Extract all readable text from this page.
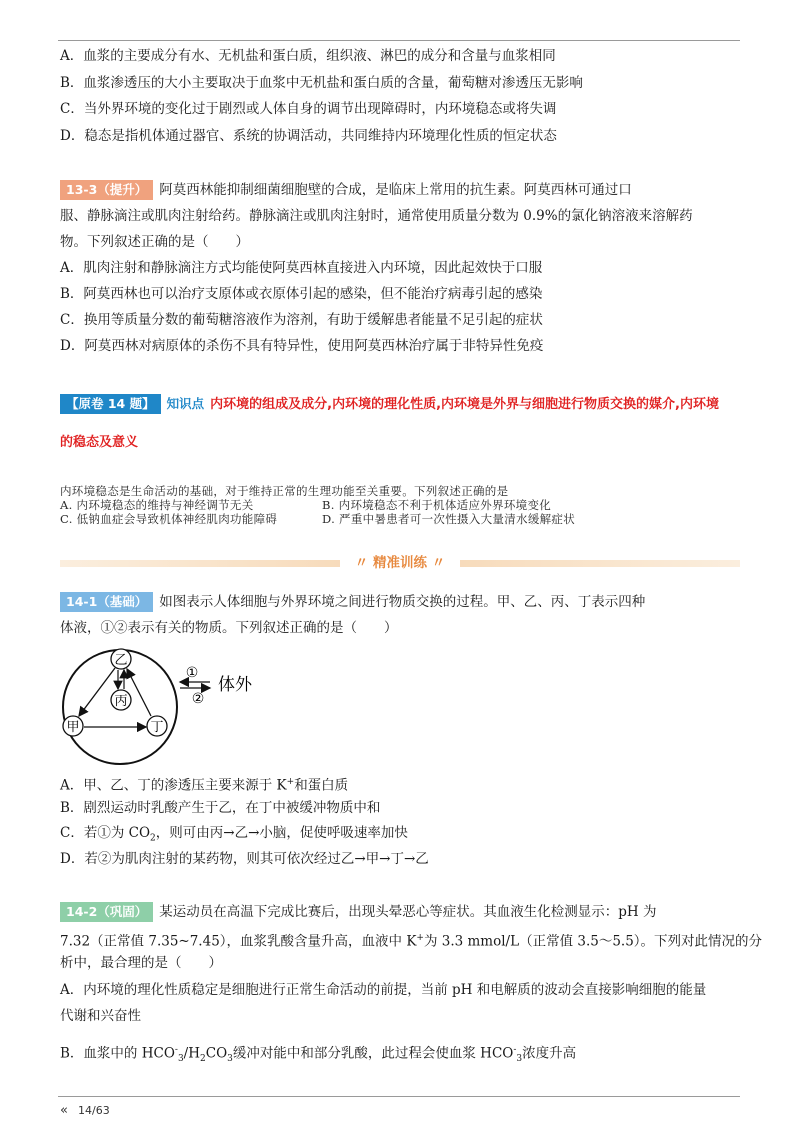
A．血浆的主要成分有水、无机盐和蛋白质，组织液、淋巴的成分和含量与血浆相同
B．血浆渗透压的大小主要取决于血浆中无机盐和蛋白质的含量，葡萄糖对渗透压无影响
C．当外界环境的变化过于剧烈或人体自身的调节出现障碍时，内环境稳态或将失调
D．稳态是指机体通过器官、系统的协调活动，共同维持内环境理化性质的恒定状态
13-3（提升） 阿莫西林能抑制细菌细胞壁的合成，是临床上常用的抗生素。阿莫西林可通过口
服、静脉滴注或肌肉注射给药。静脉滴注或肌肉注射时，通常使用质量分数为 0.9%的氯化钠溶液来溶解药
物。下列叙述正确的是（　　）
A．肌肉注射和静脉滴注方式均能使阿莫西林直接进入内环境，因此起效快于口服
B．阿莫西林也可以治疗支原体或衣原体引起的感染，但不能治疗病毒引起的感染
C．换用等质量分数的葡萄糖溶液作为溶剂，有助于缓解患者能量不足引起的症状
D．阿莫西林对病原体的杀伤不具有特异性，使用阿莫西林治疗属于非特异性免疫
【原卷 14 题】 知识点 内环境的组成及成分,内环境的理化性质,内环境是外界与细胞进行物质交换的媒介,内环境
的稳态及意义
内环境稳态是生命活动的基础，对于维持正常的生理功能至关重要。下列叙述正确的是
A. 内环境稳态的维持与神经调节无关	B. 内环境稳态不利于机体适应外界环境变化
C. 低钠血症会导致机体神经肌肉功能障碍	D. 严重中暑患者可一次性摄入大量清水缓解症状
〃 精准训练 〃
14-1（基础） 如图表示人体细胞与外界环境之间进行物质交换的过程。甲、乙、丙、丁表示四种
体液，①②表示有关的物质。下列叙述正确的是（　　）
乙
丙
甲	丁
①
②
体外
A．甲、乙、丁的渗透压主要来源于 K+和蛋白质
B．剧烈运动时乳酸产生于乙，在丁中被缓冲物质中和
C．若①为 $CO_2$，则可由丙→乙→小脑，促使呼吸速率加快
D．若②为肌肉注射的某药物，则其可依次经过乙→甲→丁→乙
14-2（巩固） 某运动员在高温下完成比赛后，出现头晕恶心等症状。其血液生化检测显示：pH 为
7.32（正常值 7.35~7.45），血浆乳酸含量升高，血液中 K+为 3.3 mmol/L（正常值 3.5～5.5）。下列对此情况的分
析中，最合理的是（　　）
A．内环境的理化性质稳定是细胞进行正常生命活动的前提，当前 pH 和电解质的波动会直接影响细胞的能量
代谢和兴奋性
B．血浆中的 $HCO^-_3/H_2CO_3$缓冲对能中和部分乳酸，此过程会使血浆 $HCO^-_3$浓度升高
« 14/63
